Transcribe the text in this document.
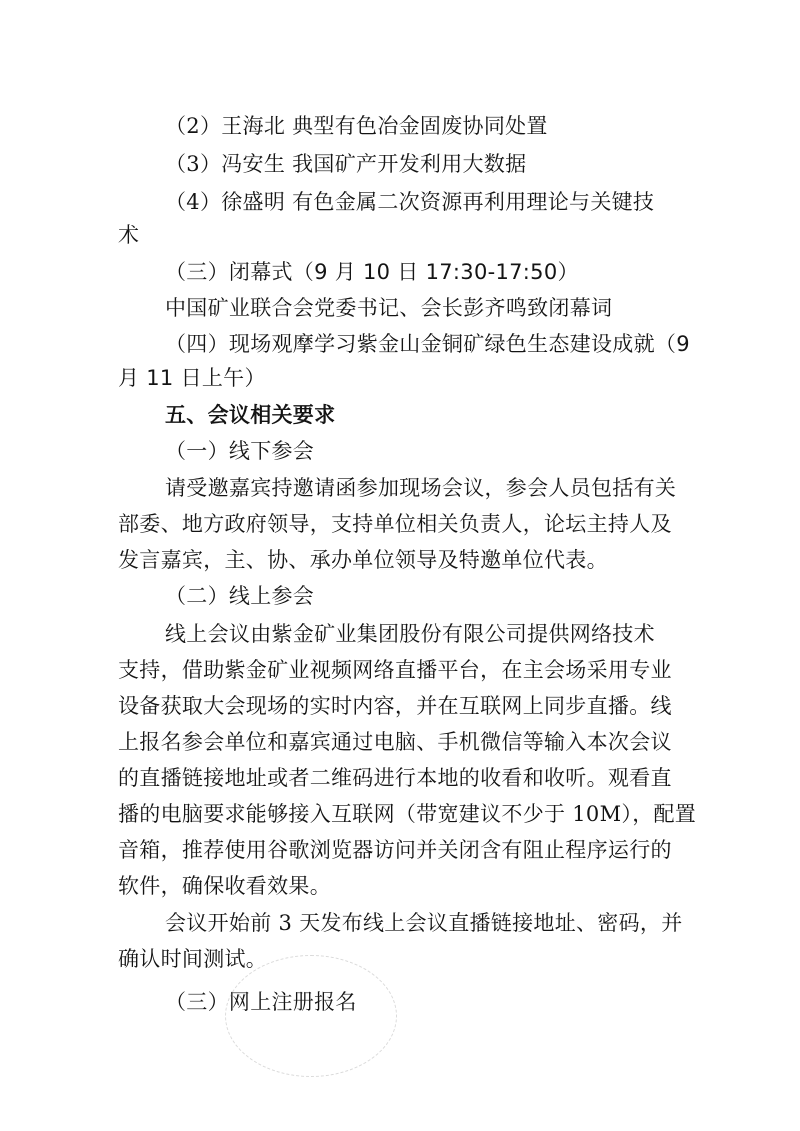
（2）王海北 典型有色冶金固废协同处置
（3）冯安生 我国矿产开发利用大数据
（4）徐盛明 有色金属二次资源再利用理论与关键技
术
（三）闭幕式（9 月 10 日 17:30-17:50）
中国矿业联合会党委书记、会长彭齐鸣致闭幕词
（四）现场观摩学习紫金山金铜矿绿色生态建设成就（9
月 11 日上午）
五、会议相关要求
（一）线下参会
请受邀嘉宾持邀请函参加现场会议，参会人员包括有关
部委、地方政府领导，支持单位相关负责人，论坛主持人及
发言嘉宾，主、协、承办单位领导及特邀单位代表。
（二）线上参会
线上会议由紫金矿业集团股份有限公司提供网络技术
支持，借助紫金矿业视频网络直播平台，在主会场采用专业
设备获取大会现场的实时内容，并在互联网上同步直播。线
上报名参会单位和嘉宾通过电脑、手机微信等输入本次会议
的直播链接地址或者二维码进行本地的收看和收听。观看直
播的电脑要求能够接入互联网（带宽建议不少于 10M），配置
音箱，推荐使用谷歌浏览器访问并关闭含有阻止程序运行的
软件，确保收看效果。
会议开始前 3 天发布线上会议直播链接地址、密码，并
确认时间测试。
（三）网上注册报名
